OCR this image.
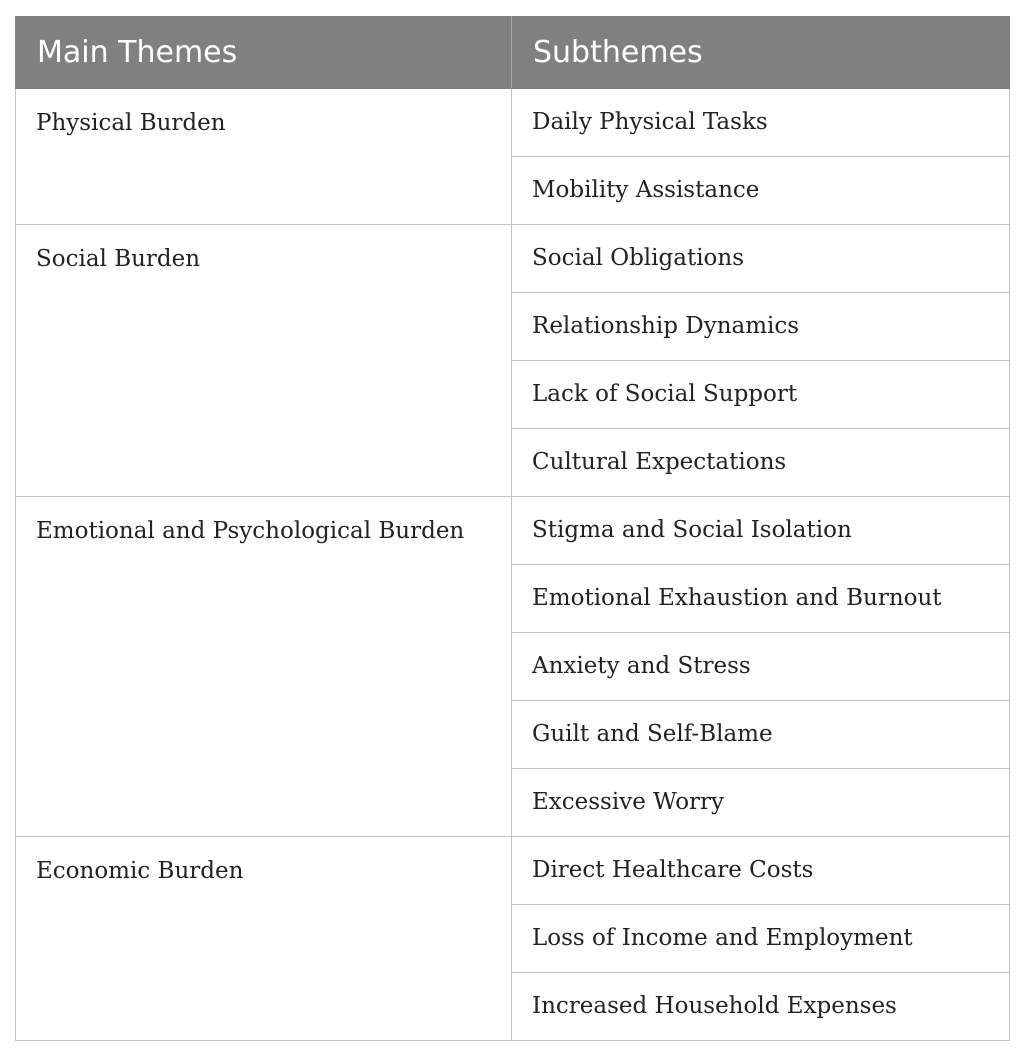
Main Themes	Subthemes
Physical Burden	Daily Physical Tasks
	Mobility Assistance
Social Burden	Social Obligations
	Relationship Dynamics
	Lack of Social Support
	Cultural Expectations
Emotional and Psychological Burden	Stigma and Social Isolation
	Emotional Exhaustion and Burnout
	Anxiety and Stress
	Guilt and Self-Blame
	Excessive Worry
Economic Burden	Direct Healthcare Costs
	Loss of Income and Employment
	Increased Household Expenses
